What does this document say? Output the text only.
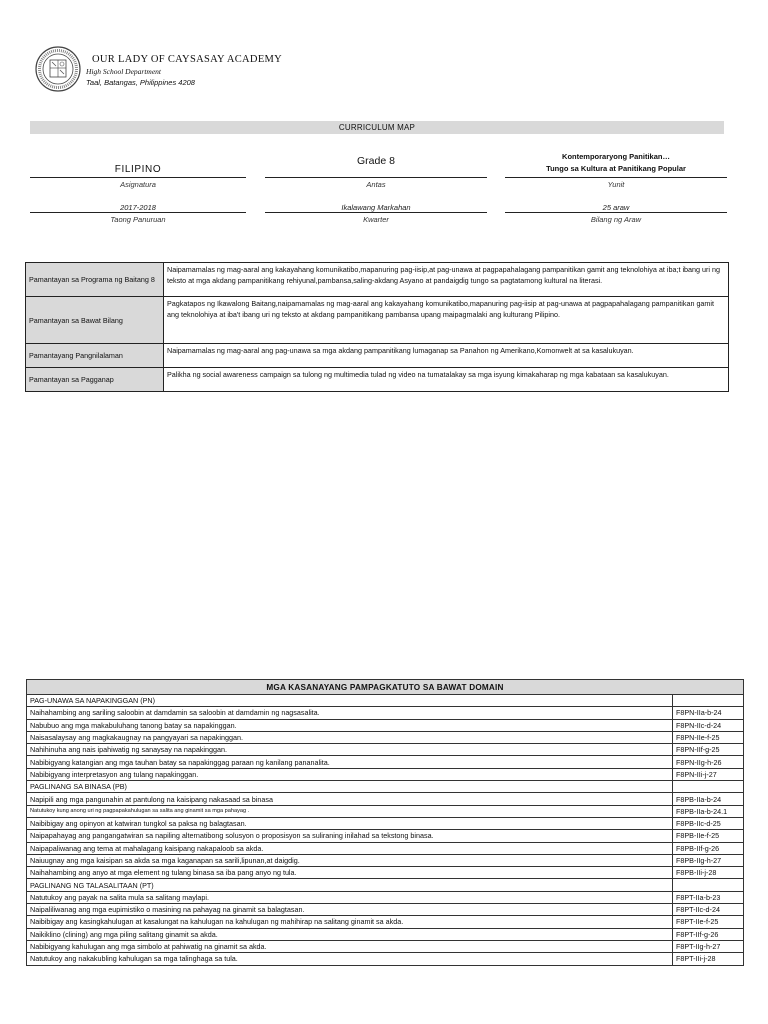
OUR LADY OF CAYSASAY ACADEMY
High School Department
Taal, Batangas, Philippines 4208
CURRICULUM MAP
FILIPINO
Asignatura
Grade 8
Antas
Kontemporaryong Panitikan…
Tungo sa Kultura at Panitikang Popular
Yunit
2017-2018
Taong Panuruan
Ikalawang Markahan
Kwarter
25 araw
Bilang ng Araw
Pamantayan sa Programa ng Baitang 8	Naipamamalas ng mag-aaral ang kakayahang komunikatibo,mapanuring pag-iisip,at pag-unawa at pagpapahalagang pampanitikan gamit ang teknolohiya at iba;t ibang uri ng teksto at mga akdang pampanitikang rehiyunal,pambansa,saling-akdang Asyano at pandaigdig tungo sa pagtatamong kultural na literasi.
Pamantayan sa Bawat Bilang	Pagkatapos ng Ikawalong Baitang,naipamamalas ng mag-aaral ang kakayahang komunikatibo,mapanuring pag-iisip at pag-unawa at pagpapahalagang pampanitikan gamit ang teknolohiya at iba't ibang uri ng teksto at akdang pampanitikang pambansa upang maipagmalaki ang kulturang Pilipino.
Pamantayang Pangnilalaman	Naipamamalas ng mag-aaral ang pag-unawa sa mga akdang pampanitikang lumaganap sa Panahon ng Amerikano,Komonwelt at sa kasalukuyan.
Pamantayan sa Pagganap	Palikha ng social awareness campaign sa tulong ng multimedia tulad ng video na tumatalakay sa mga isyung kimakaharap ng mga kabataan sa kasalukuyan.
MGA KASANAYANG PAMPAGKATUTO SA BAWAT DOMAIN	
PAG-UNAWA SA NAPAKINGGAN (PN)	
Naihahambing ang sariling saloobin at damdamin sa saloobin at damdamin ng nagsasalita.	F8PN-IIa-b-24
Nabubuo ang mga makabuluhang tanong batay sa napakinggan.	F8PN-IIc-d-24
Naisasalaysay ang magkakaugnay na pangyayari sa napakinggan.	F8PN-IIe-f-25
Nahihinuha ang nais ipahiwatig ng sanaysay na napakinggan.	F8PN-IIf-g-25
Nabibigyang katangian ang mga tauhan batay sa napakinggag paraan ng kanilang pananalita.	F8PN-IIg-h-26
Nabibigyang interpretasyon ang tulang napakinggan.	F8PN-IIi-j-27
PAGLINANG SA BINASA (PB)	
Napipili ang mga pangunahin at pantulong na kaisipang nakasaad sa binasa	F8PB-IIa-b-24
Natutukoy kung anong uri ng pagpapakahulugan sa salita ang ginamit sa mga pahayag .	F8PB-IIa-b-24.1
Naibibigay ang opinyon at katwiran tungkol sa paksa ng balagtasan.	F8PB-IIc-d-25
Naipapahayag ang pangangatwiran sa napiling alternatibong solusyon o proposisyon sa suliraning inilahad sa tekstong binasa.	F8PB-IIe-f-25
Naipapaliwanag ang tema at mahalagang kaisipang nakapaloob sa akda.	F8PB-IIf-g-26
Naiuugnay ang mga kaisipan sa akda sa mga kaganapan sa sarili,lipunan,at daigdig.	F8PB-IIg-h-27
Naihahambing ang anyo at mga element ng tulang binasa sa iba pang anyo ng tula.	F8PB-IIi-j-28
PAGLINANG NG TALASALITAAN (PT)	
Natutukoy ang payak na salita mula sa salitang maylapi.	F8PT-IIa-b-23
Naipaliliwanag ang mga eupimistiko o masining na pahayag na ginamit sa balagtasan.	F8PT-IIc-d-24
Naibibigay ang kasingkahulugan at kasalungat na kahulugan na kahulugan ng mahihirap na salitang ginamit sa akda.	F8PT-IIe-f-25
Naikiklino (clining) ang mga piling salitang ginamit sa akda.	F8PT-IIf-g-26
Nabibigyang kahulugan ang mga simbolo at pahiwatig na ginamit sa akda.	F8PT-IIg-h-27
Natutukoy ang nakakubling kahulugan sa mga talinghaga sa tula.	F8PT-IIi-j-28
